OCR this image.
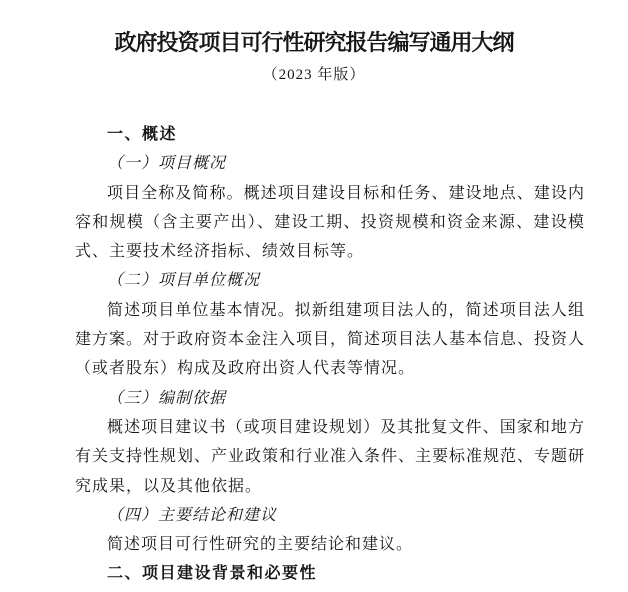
政府投资项目可行性研究报告编写通用大纲
（2023 年版）

一、概述

（一）项目概况

项目全称及简称。概述项目建设目标和任务、建设地点、建设内容和规模（含主要产出）、建设工期、投资规模和资金来源、建设模式、主要技术经济指标、绩效目标等。

（二）项目单位概况

简述项目单位基本情况。拟新组建项目法人的，简述项目法人组建方案。对于政府资本金注入项目，简述项目法人基本信息、投资人（或者股东）构成及政府出资人代表等情况。

（三）编制依据

概述项目建议书（或项目建设规划）及其批复文件、国家和地方有关支持性规划、产业政策和行业准入条件、主要标准规范、专题研究成果，以及其他依据。

（四）主要结论和建议

简述项目可行性研究的主要结论和建议。

二、项目建设背景和必要性
